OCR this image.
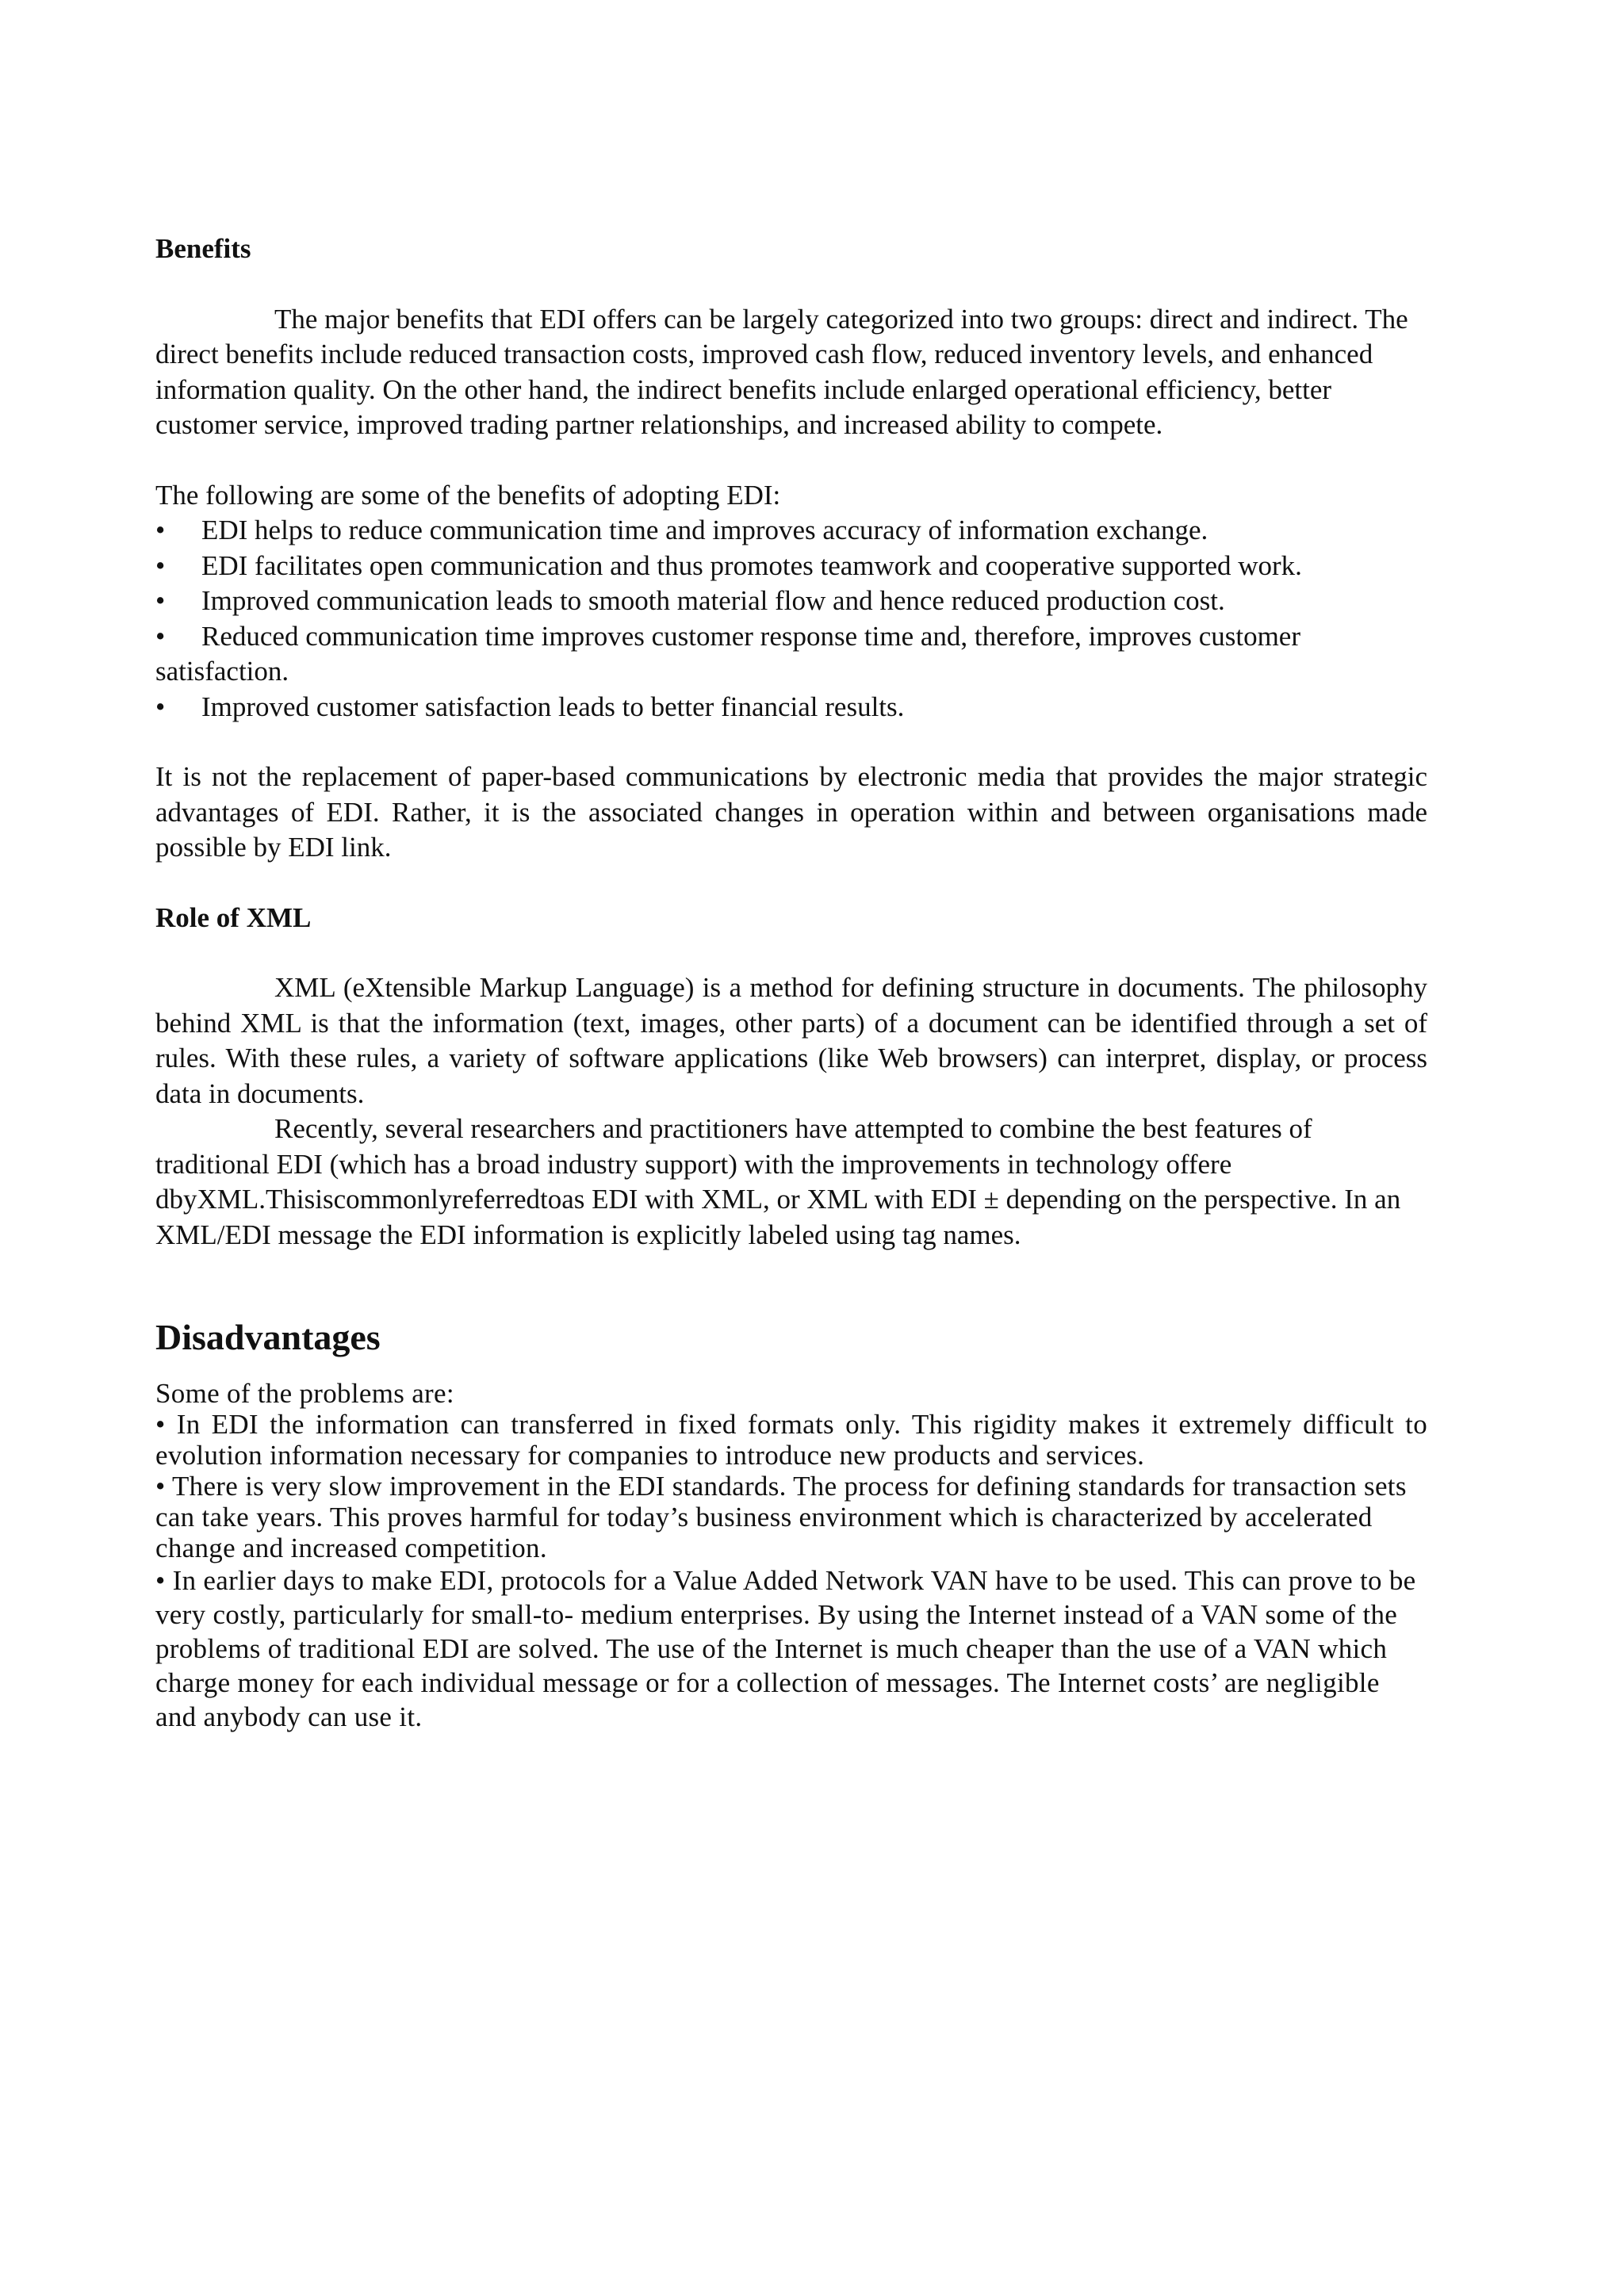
Benefits

The major benefits that EDI offers can be largely categorized into two groups: direct and indirect. The direct benefits include reduced transaction costs, improved cash flow, reduced inventory levels, and enhanced information quality. On the other hand, the indirect benefits include enlarged operational efficiency, better customer service, improved trading partner relationships, and increased ability to compete.

The following are some of the benefits of adopting EDI:

• EDI helps to reduce communication time and improves accuracy of information exchange.
• EDI facilitates open communication and thus promotes teamwork and cooperative supported work.
• Improved communication leads to smooth material flow and hence reduced production cost.
• Reduced communication time improves customer response time and, therefore, improves customer satisfaction.
• Improved customer satisfaction leads to better financial results.

It is not the replacement of paper-based communications by electronic media that provides the major strategic advantages of EDI. Rather, it is the associated changes in operation within and between organisations made possible by EDI link.

Role of XML

XML (eXtensible Markup Language) is a method for defining structure in documents. The philosophy behind XML is that the information (text, images, other parts) of a document can be identified through a set of rules. With these rules, a variety of software applications (like Web browsers) can interpret, display, or process data in documents.

Recently, several researchers and practitioners have attempted to combine the best features of traditional EDI (which has a broad industry support) with the improvements in technology offere dbyXML.Thisiscommonlyreferredtoas EDI with XML, or XML with EDI ± depending on the perspective. In an XML/EDI message the EDI information is explicitly labeled using tag names.

Disadvantages

Some of the problems are:

• In EDI the information can transferred in fixed formats only. This rigidity makes it extremely difficult to evolution information necessary for companies to introduce new products and services.

• There is very slow improvement in the EDI standards. The process for defining standards for transaction sets can take years. This proves harmful for today’s business environment which is characterized by accelerated change and increased competition.

• In earlier days to make EDI, protocols for a Value Added Network VAN have to be used. This can prove to be very costly, particularly for small-to- medium enterprises. By using the Internet instead of a VAN some of the problems of traditional EDI are solved. The use of the Internet is much cheaper than the use of a VAN which charge money for each individual message or for a collection of messages. The Internet costs’ are negligible and anybody can use it.
